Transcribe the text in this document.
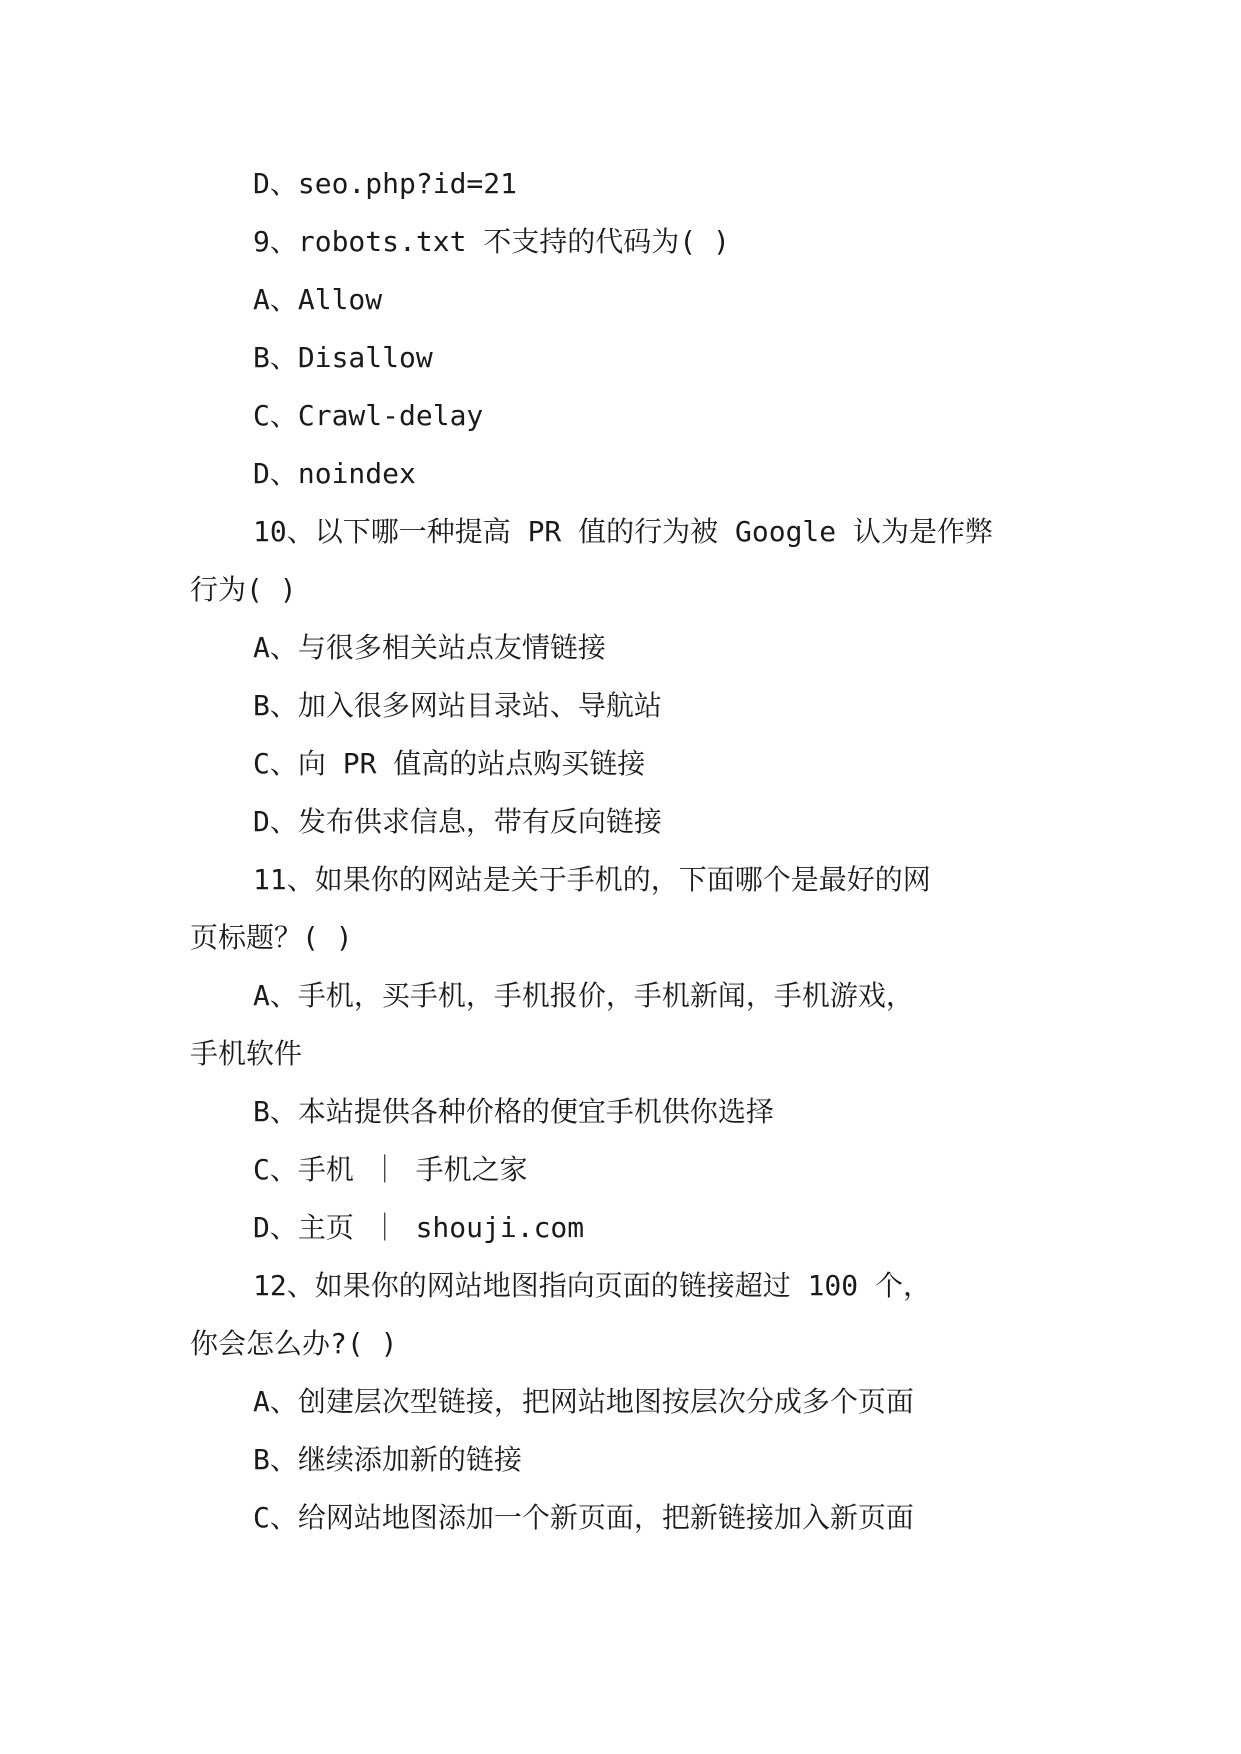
D、seo.php?id=21
9、robots.txt 不支持的代码为( )
A、Allow
B、Disallow
C、Crawl-delay
D、noindex
10、以下哪一种提高 PR 值的行为被 Google 认为是作弊
行为( )
A、与很多相关站点友情链接
B、加入很多网站目录站、导航站
C、向 PR 值高的站点购买链接
D、发布供求信息，带有反向链接
11、如果你的网站是关于手机的，下面哪个是最好的网
页标题？( )
A、手机，买手机，手机报价，手机新闻，手机游戏，
手机软件
B、本站提供各种价格的便宜手机供你选择
C、手机 ｜ 手机之家
D、主页 ｜ shouji.com
12、如果你的网站地图指向页面的链接超过 100 个，
你会怎么办?( )
A、创建层次型链接，把网站地图按层次分成多个页面
B、继续添加新的链接
C、给网站地图添加一个新页面，把新链接加入新页面
